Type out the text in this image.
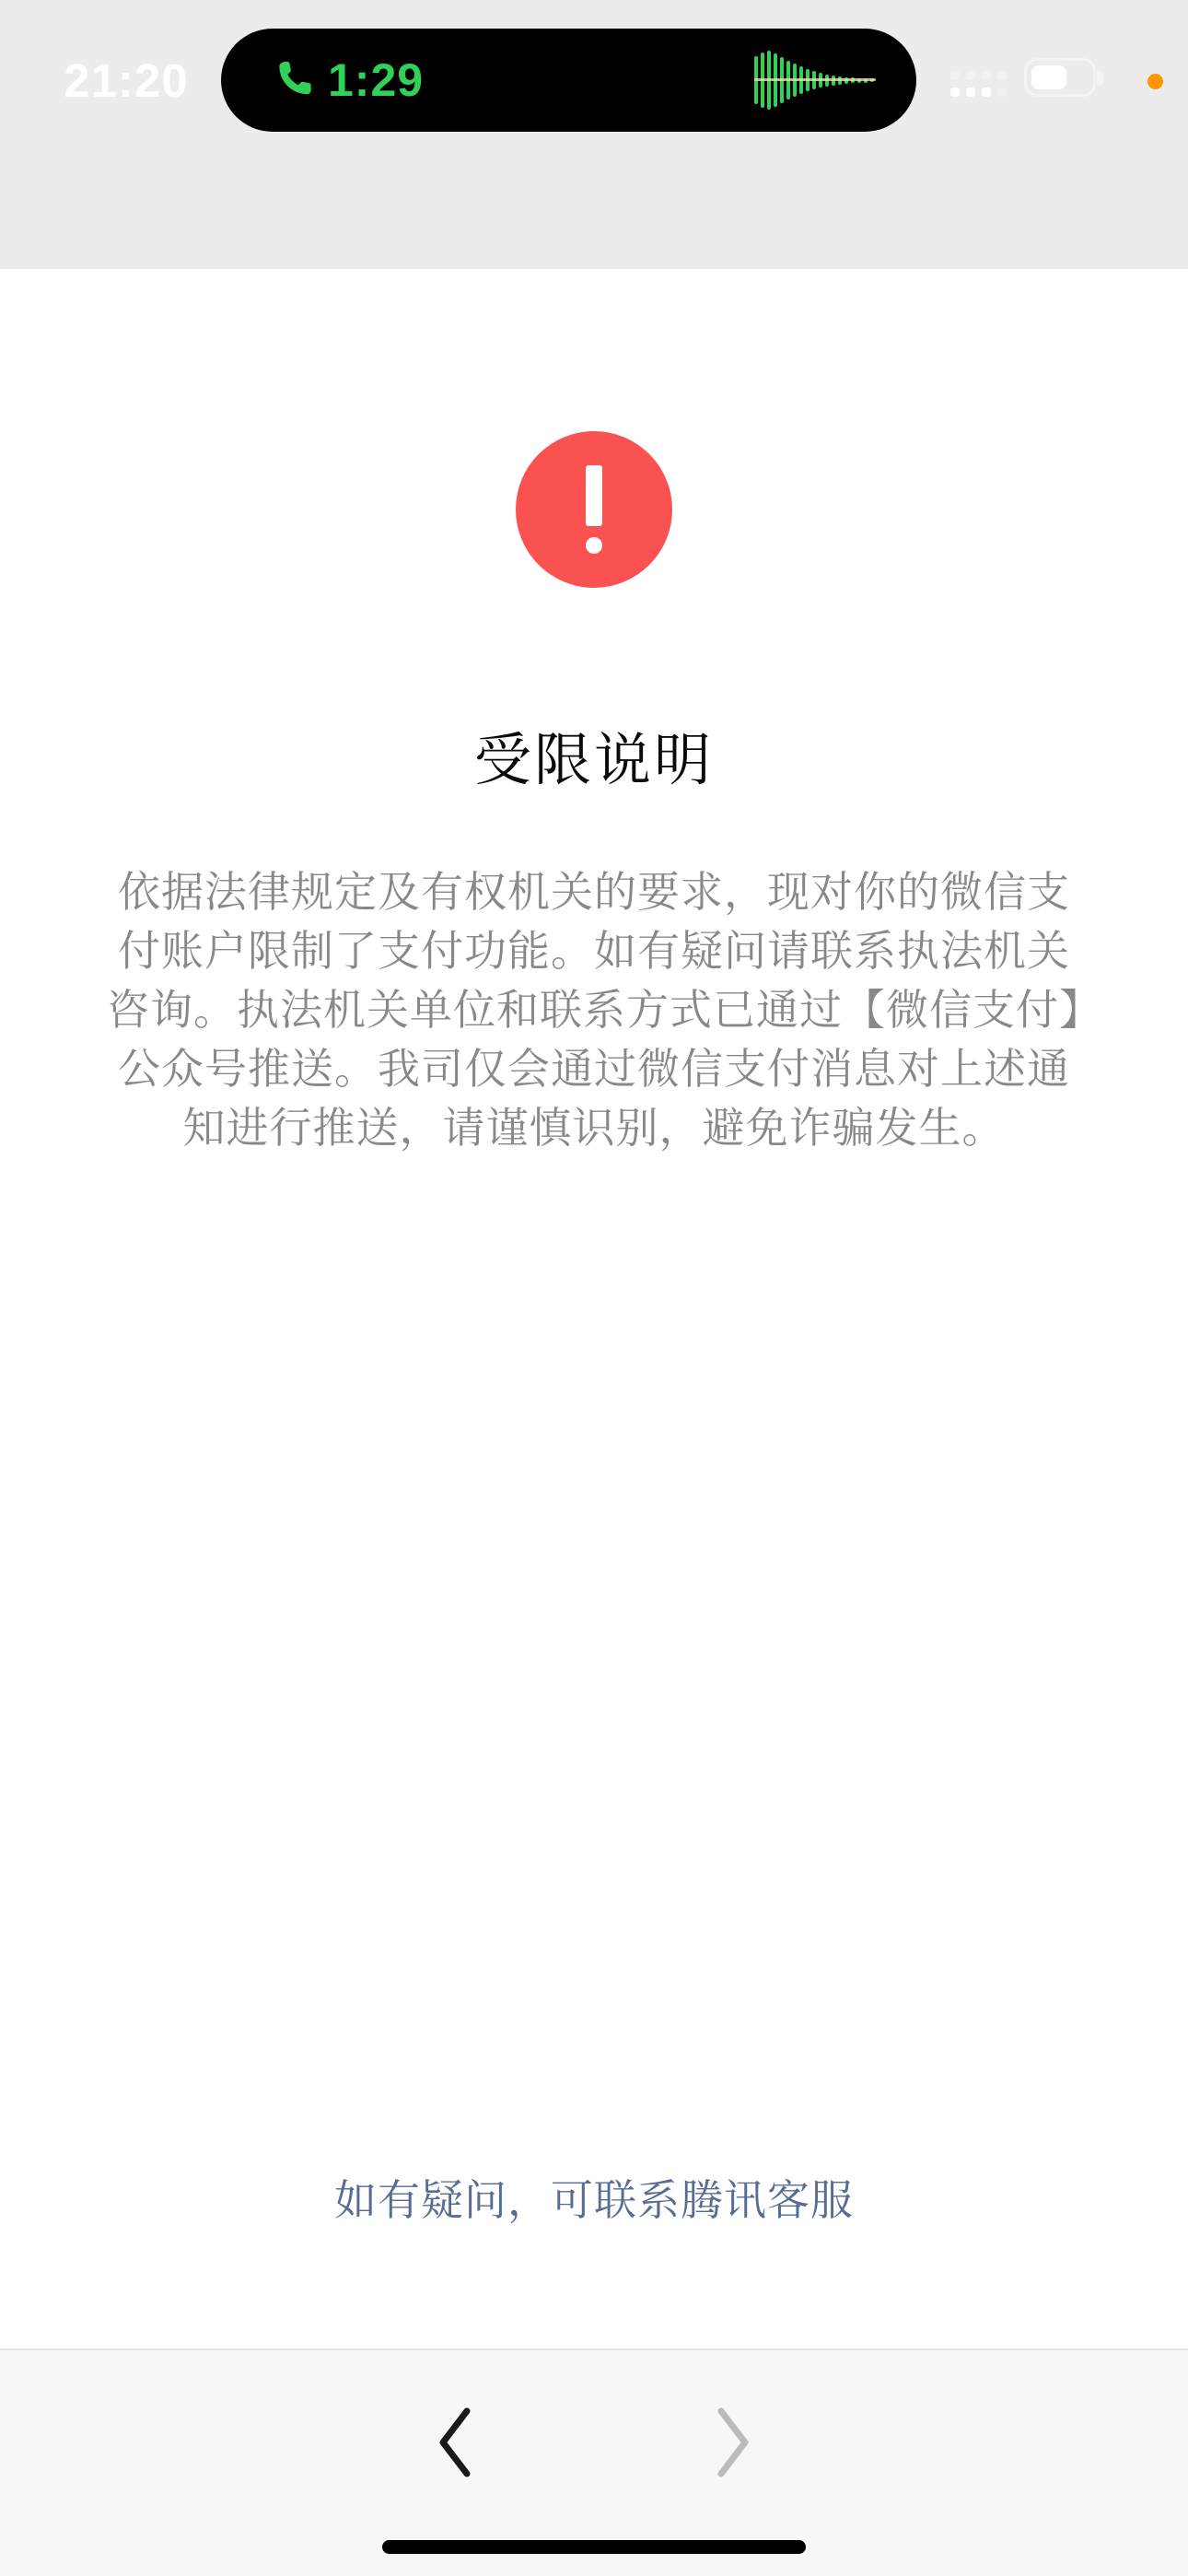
21:20	1:29
受限说明
依据法律规定及有权机关的要求，现对你的微信支付账户限制了支付功能。如有疑问请联系执法机关咨询。执法机关单位和联系方式已通过【微信支付】公众号推送。我司仅会通过微信支付消息对上述通知进行推送，请谨慎识别，避免诈骗发生。
如有疑问，可联系腾讯客服
